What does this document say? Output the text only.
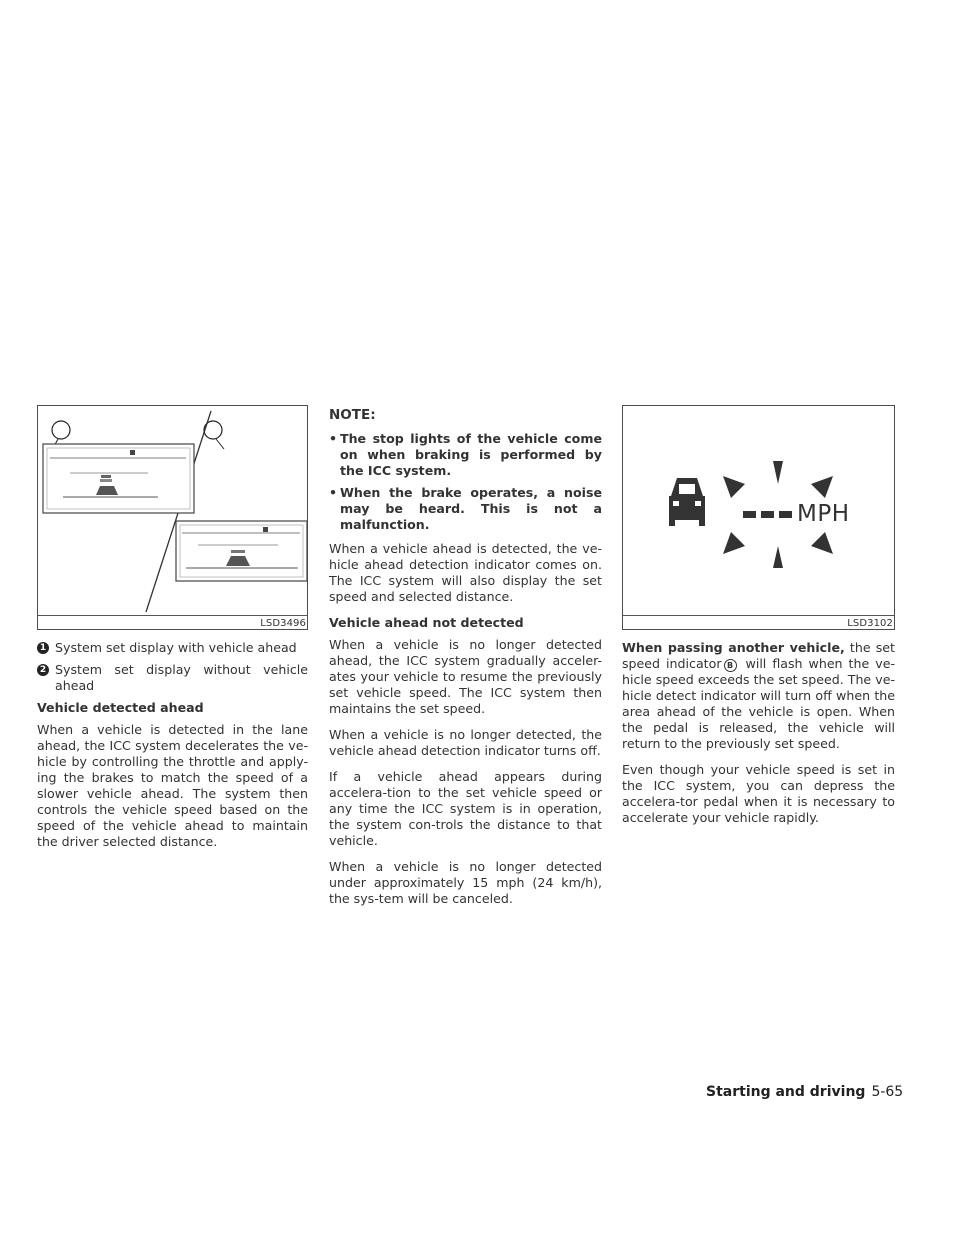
LSD3496
1 System set display with vehicle ahead
2 System set display without vehicle ahead

Vehicle detected ahead

When a vehicle is detected in the lane ahead, the ICC system decelerates the ve-hicle by controlling the throttle and apply-ing the brakes to match the speed of a slower vehicle ahead. The system then controls the vehicle speed based on the speed of the vehicle ahead to maintain the driver selected distance.

NOTE:
• The stop lights of the vehicle come on when braking is performed by the ICC system.
• When the brake operates, a noise may be heard. This is not a malfunction.

When a vehicle ahead is detected, the ve-hicle ahead detection indicator comes on. The ICC system will also display the set speed and selected distance.

Vehicle ahead not detected

When a vehicle is no longer detected ahead, the ICC system gradually acceler-ates your vehicle to resume the previously set vehicle speed. The ICC system then maintains the set speed.

When a vehicle is no longer detected, the vehicle ahead detection indicator turns off.

If a vehicle ahead appears during accelera-tion to the set vehicle speed or any time the ICC system is in operation, the system con-trols the distance to that vehicle.

When a vehicle is no longer detected under approximately 15 mph (24 km/h), the sys-tem will be canceled.

MPH
LSD3102

When passing another vehicle, the set speed indicator B will flash when the ve-hicle speed exceeds the set speed. The ve-hicle detect indicator will turn off when the area ahead of the vehicle is open. When the pedal is released, the vehicle will return to the previously set speed.

Even though your vehicle speed is set in the ICC system, you can depress the accelera-tor pedal when it is necessary to accelerate your vehicle rapidly.

Starting and driving 5-65
